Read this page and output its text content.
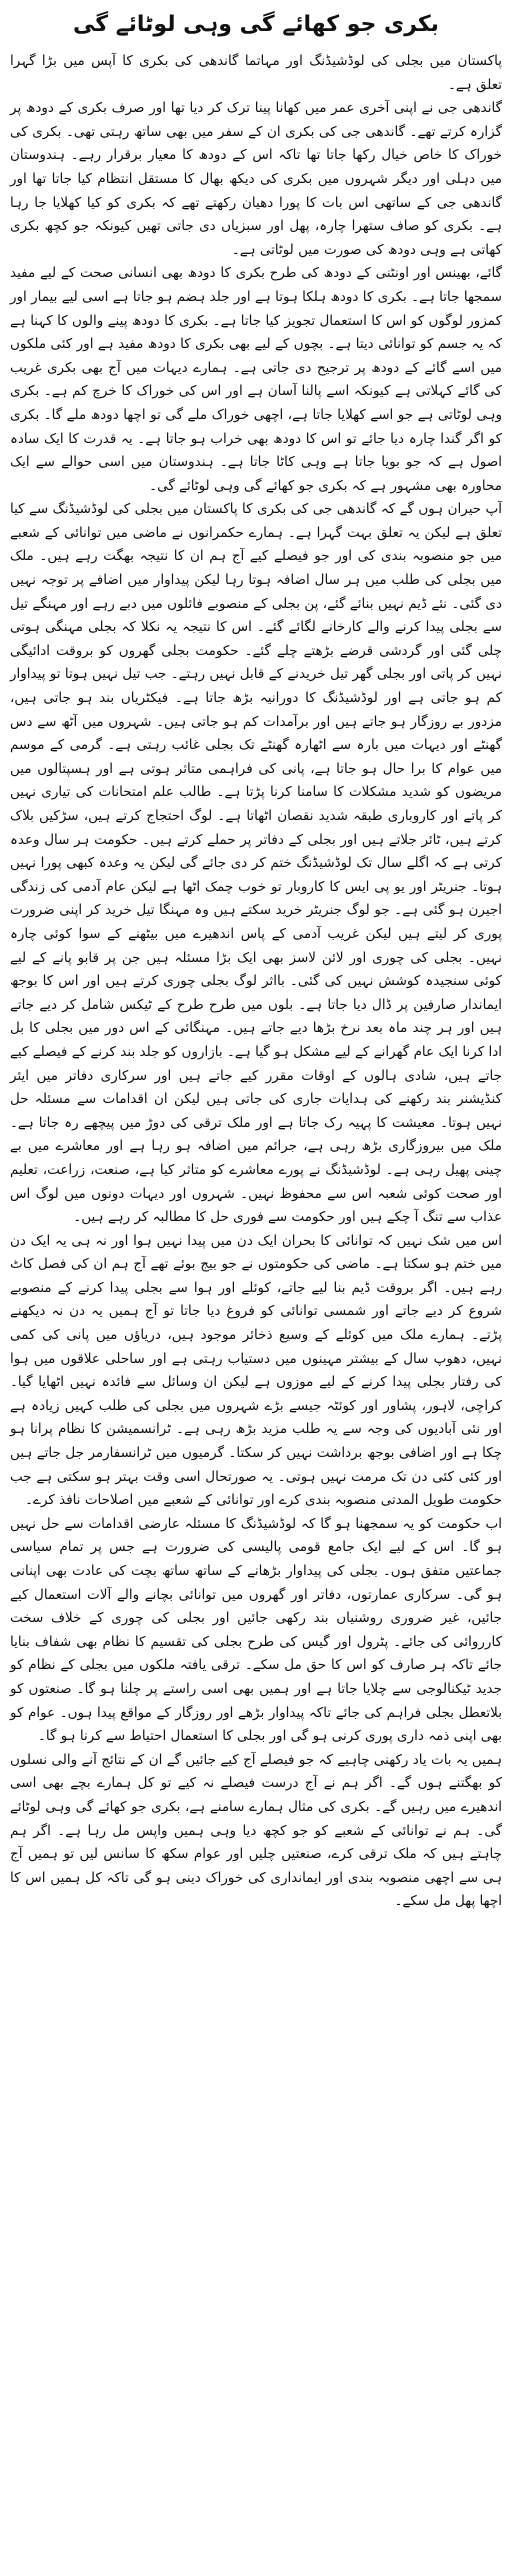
بکری جو کھائے گی وہی لوٹائے گی

پاکستان میں بجلی کی لوڈشیڈنگ اور مہاتما گاندھی کی بکری کا آپس میں بڑا گہرا تعلق ہے۔

گاندھی جی نے اپنی آخری عمر میں کھانا پینا ترک کر دیا تھا اور صرف بکری کے دودھ پر گزارہ کرتے تھے۔ گاندھی جی کی بکری ان کے سفر میں بھی ساتھ رہتی تھی۔ بکری کی خوراک کا خاص خیال رکھا جاتا تھا تاکہ اس کے دودھ کا معیار برقرار رہے۔ ہندوستان میں دہلی اور دیگر شہروں میں بکری کی دیکھ بھال کا مستقل انتظام کیا جاتا تھا اور گاندھی جی کے ساتھی اس بات کا پورا دھیان رکھتے تھے کہ بکری کو کیا کھلایا جا رہا ہے۔ بکری کو صاف ستھرا چارہ، پھل اور سبزیاں دی جاتی تھیں کیونکہ جو کچھ بکری کھاتی ہے وہی دودھ کی صورت میں لوٹاتی ہے۔

گائے، بھینس اور اونٹنی کے دودھ کی طرح بکری کا دودھ بھی انسانی صحت کے لیے مفید سمجھا جاتا ہے۔ بکری کا دودھ ہلکا ہوتا ہے اور جلد ہضم ہو جاتا ہے اسی لیے بیمار اور کمزور لوگوں کو اس کا استعمال تجویز کیا جاتا ہے۔ بکری کا دودھ پینے والوں کا کہنا ہے کہ یہ جسم کو توانائی دیتا ہے۔ بچوں کے لیے بھی بکری کا دودھ مفید ہے اور کئی ملکوں میں اسے گائے کے دودھ پر ترجیح دی جاتی ہے۔ ہمارے دیہات میں آج بھی بکری غریب کی گائے کہلاتی ہے کیونکہ اسے پالنا آسان ہے اور اس کی خوراک کا خرچ کم ہے۔ بکری وہی لوٹاتی ہے جو اسے کھلایا جاتا ہے، اچھی خوراک ملے گی تو اچھا دودھ ملے گا۔ بکری کو اگر گندا چارہ دیا جائے تو اس کا دودھ بھی خراب ہو جاتا ہے۔ یہ قدرت کا ایک سادہ اصول ہے کہ جو بویا جاتا ہے وہی کاٹا جاتا ہے۔ ہندوستان میں اسی حوالے سے ایک محاورہ بھی مشہور ہے کہ بکری جو کھائے گی وہی لوٹائے گی۔

آپ حیران ہوں گے کہ گاندھی جی کی بکری کا پاکستان میں بجلی کی لوڈشیڈنگ سے کیا تعلق ہے لیکن یہ تعلق بہت گہرا ہے۔ ہمارے حکمرانوں نے ماضی میں توانائی کے شعبے میں جو منصوبہ بندی کی اور جو فیصلے کیے آج ہم ان کا نتیجہ بھگت رہے ہیں۔ ملک میں بجلی کی طلب میں ہر سال اضافہ ہوتا رہا لیکن پیداوار میں اضافے پر توجہ نہیں دی گئی۔ نئے ڈیم نہیں بنائے گئے، پن بجلی کے منصوبے فائلوں میں دبے رہے اور مہنگے تیل سے بجلی پیدا کرنے والے کارخانے لگائے گئے۔ اس کا نتیجہ یہ نکلا کہ بجلی مہنگی ہوتی چلی گئی اور گردشی قرضے بڑھتے چلے گئے۔ حکومت بجلی گھروں کو بروقت ادائیگی نہیں کر پاتی اور بجلی گھر تیل خریدنے کے قابل نہیں رہتے۔ جب تیل نہیں ہوتا تو پیداوار کم ہو جاتی ہے اور لوڈشیڈنگ کا دورانیہ بڑھ جاتا ہے۔ فیکٹریاں بند ہو جاتی ہیں، مزدور بے روزگار ہو جاتے ہیں اور برآمدات کم ہو جاتی ہیں۔ شہروں میں آٹھ سے دس گھنٹے اور دیہات میں بارہ سے اٹھارہ گھنٹے تک بجلی غائب رہتی ہے۔ گرمی کے موسم میں عوام کا برا حال ہو جاتا ہے، پانی کی فراہمی متاثر ہوتی ہے اور ہسپتالوں میں مریضوں کو شدید مشکلات کا سامنا کرنا پڑتا ہے۔ طالب علم امتحانات کی تیاری نہیں کر پاتے اور کاروباری طبقہ شدید نقصان اٹھاتا ہے۔ لوگ احتجاج کرتے ہیں، سڑکیں بلاک کرتے ہیں، ٹائر جلاتے ہیں اور بجلی کے دفاتر پر حملے کرتے ہیں۔ حکومت ہر سال وعدہ کرتی ہے کہ اگلے سال تک لوڈشیڈنگ ختم کر دی جائے گی لیکن یہ وعدہ کبھی پورا نہیں ہوتا۔ جنریٹر اور یو پی ایس کا کاروبار تو خوب چمک اٹھا ہے لیکن عام آدمی کی زندگی اجیرن ہو گئی ہے۔ جو لوگ جنریٹر خرید سکتے ہیں وہ مہنگا تیل خرید کر اپنی ضرورت پوری کر لیتے ہیں لیکن غریب آدمی کے پاس اندھیرے میں بیٹھنے کے سوا کوئی چارہ نہیں۔ بجلی کی چوری اور لائن لاسز بھی ایک بڑا مسئلہ ہیں جن پر قابو پانے کے لیے کوئی سنجیدہ کوشش نہیں کی گئی۔ بااثر لوگ بجلی چوری کرتے ہیں اور اس کا بوجھ ایماندار صارفین پر ڈال دیا جاتا ہے۔ بلوں میں طرح طرح کے ٹیکس شامل کر دیے جاتے ہیں اور ہر چند ماہ بعد نرخ بڑھا دیے جاتے ہیں۔ مہنگائی کے اس دور میں بجلی کا بل ادا کرنا ایک عام گھرانے کے لیے مشکل ہو گیا ہے۔ بازاروں کو جلد بند کرنے کے فیصلے کیے جاتے ہیں، شادی ہالوں کے اوقات مقرر کیے جاتے ہیں اور سرکاری دفاتر میں ایئر کنڈیشنر بند رکھنے کی ہدایات جاری کی جاتی ہیں لیکن ان اقدامات سے مسئلہ حل نہیں ہوتا۔ معیشت کا پہیہ رک جاتا ہے اور ملک ترقی کی دوڑ میں پیچھے رہ جاتا ہے۔ ملک میں بیروزگاری بڑھ رہی ہے، جرائم میں اضافہ ہو رہا ہے اور معاشرے میں بے چینی پھیل رہی ہے۔ لوڈشیڈنگ نے پورے معاشرے کو متاثر کیا ہے، صنعت، زراعت، تعلیم اور صحت کوئی شعبہ اس سے محفوظ نہیں۔ شہروں اور دیہات دونوں میں لوگ اس عذاب سے تنگ آ چکے ہیں اور حکومت سے فوری حل کا مطالبہ کر رہے ہیں۔

اس میں شک نہیں کہ توانائی کا بحران ایک دن میں پیدا نہیں ہوا اور نہ ہی یہ ایک دن میں ختم ہو سکتا ہے۔ ماضی کی حکومتوں نے جو بیج بوئے تھے آج ہم ان کی فصل کاٹ رہے ہیں۔ اگر بروقت ڈیم بنا لیے جاتے، کوئلے اور ہوا سے بجلی پیدا کرنے کے منصوبے شروع کر دیے جاتے اور شمسی توانائی کو فروغ دیا جاتا تو آج ہمیں یہ دن نہ دیکھنے پڑتے۔ ہمارے ملک میں کوئلے کے وسیع ذخائر موجود ہیں، دریاؤں میں پانی کی کمی نہیں، دھوپ سال کے بیشتر مہینوں میں دستیاب رہتی ہے اور ساحلی علاقوں میں ہوا کی رفتار بجلی پیدا کرنے کے لیے موزوں ہے لیکن ان وسائل سے فائدہ نہیں اٹھایا گیا۔ کراچی، لاہور، پشاور اور کوئٹہ جیسے بڑے شہروں میں بجلی کی طلب کہیں زیادہ ہے اور نئی آبادیوں کی وجہ سے یہ طلب مزید بڑھ رہی ہے۔ ٹرانسمیشن کا نظام پرانا ہو چکا ہے اور اضافی بوجھ برداشت نہیں کر سکتا۔ گرمیوں میں ٹرانسفارمر جل جاتے ہیں اور کئی کئی دن تک مرمت نہیں ہوتی۔ یہ صورتحال اسی وقت بہتر ہو سکتی ہے جب حکومت طویل المدتی منصوبہ بندی کرے اور توانائی کے شعبے میں اصلاحات نافذ کرے۔

اب حکومت کو یہ سمجھنا ہو گا کہ لوڈشیڈنگ کا مسئلہ عارضی اقدامات سے حل نہیں ہو گا۔ اس کے لیے ایک جامع قومی پالیسی کی ضرورت ہے جس پر تمام سیاسی جماعتیں متفق ہوں۔ بجلی کی پیداوار بڑھانے کے ساتھ ساتھ بچت کی عادت بھی اپنانی ہو گی۔ سرکاری عمارتوں، دفاتر اور گھروں میں توانائی بچانے والے آلات استعمال کیے جائیں، غیر ضروری روشنیاں بند رکھی جائیں اور بجلی کی چوری کے خلاف سخت کارروائی کی جائے۔ پٹرول اور گیس کی طرح بجلی کی تقسیم کا نظام بھی شفاف بنایا جائے تاکہ ہر صارف کو اس کا حق مل سکے۔ ترقی یافتہ ملکوں میں بجلی کے نظام کو جدید ٹیکنالوجی سے چلایا جاتا ہے اور ہمیں بھی اسی راستے پر چلنا ہو گا۔ صنعتوں کو بلاتعطل بجلی فراہم کی جائے تاکہ پیداوار بڑھے اور روزگار کے مواقع پیدا ہوں۔ عوام کو بھی اپنی ذمہ داری پوری کرنی ہو گی اور بجلی کا استعمال احتیاط سے کرنا ہو گا۔

ہمیں یہ بات یاد رکھنی چاہیے کہ جو فیصلے آج کیے جائیں گے ان کے نتائج آنے والی نسلوں کو بھگتنے ہوں گے۔ اگر ہم نے آج درست فیصلے نہ کیے تو کل ہمارے بچے بھی اسی اندھیرے میں رہیں گے۔ بکری کی مثال ہمارے سامنے ہے، بکری جو کھائے گی وہی لوٹائے گی۔ ہم نے توانائی کے شعبے کو جو کچھ دیا وہی ہمیں واپس مل رہا ہے۔ اگر ہم چاہتے ہیں کہ ملک ترقی کرے، صنعتیں چلیں اور عوام سکھ کا سانس لیں تو ہمیں آج ہی سے اچھی منصوبہ بندی اور ایمانداری کی خوراک دینی ہو گی تاکہ کل ہمیں اس کا اچھا پھل مل سکے۔
